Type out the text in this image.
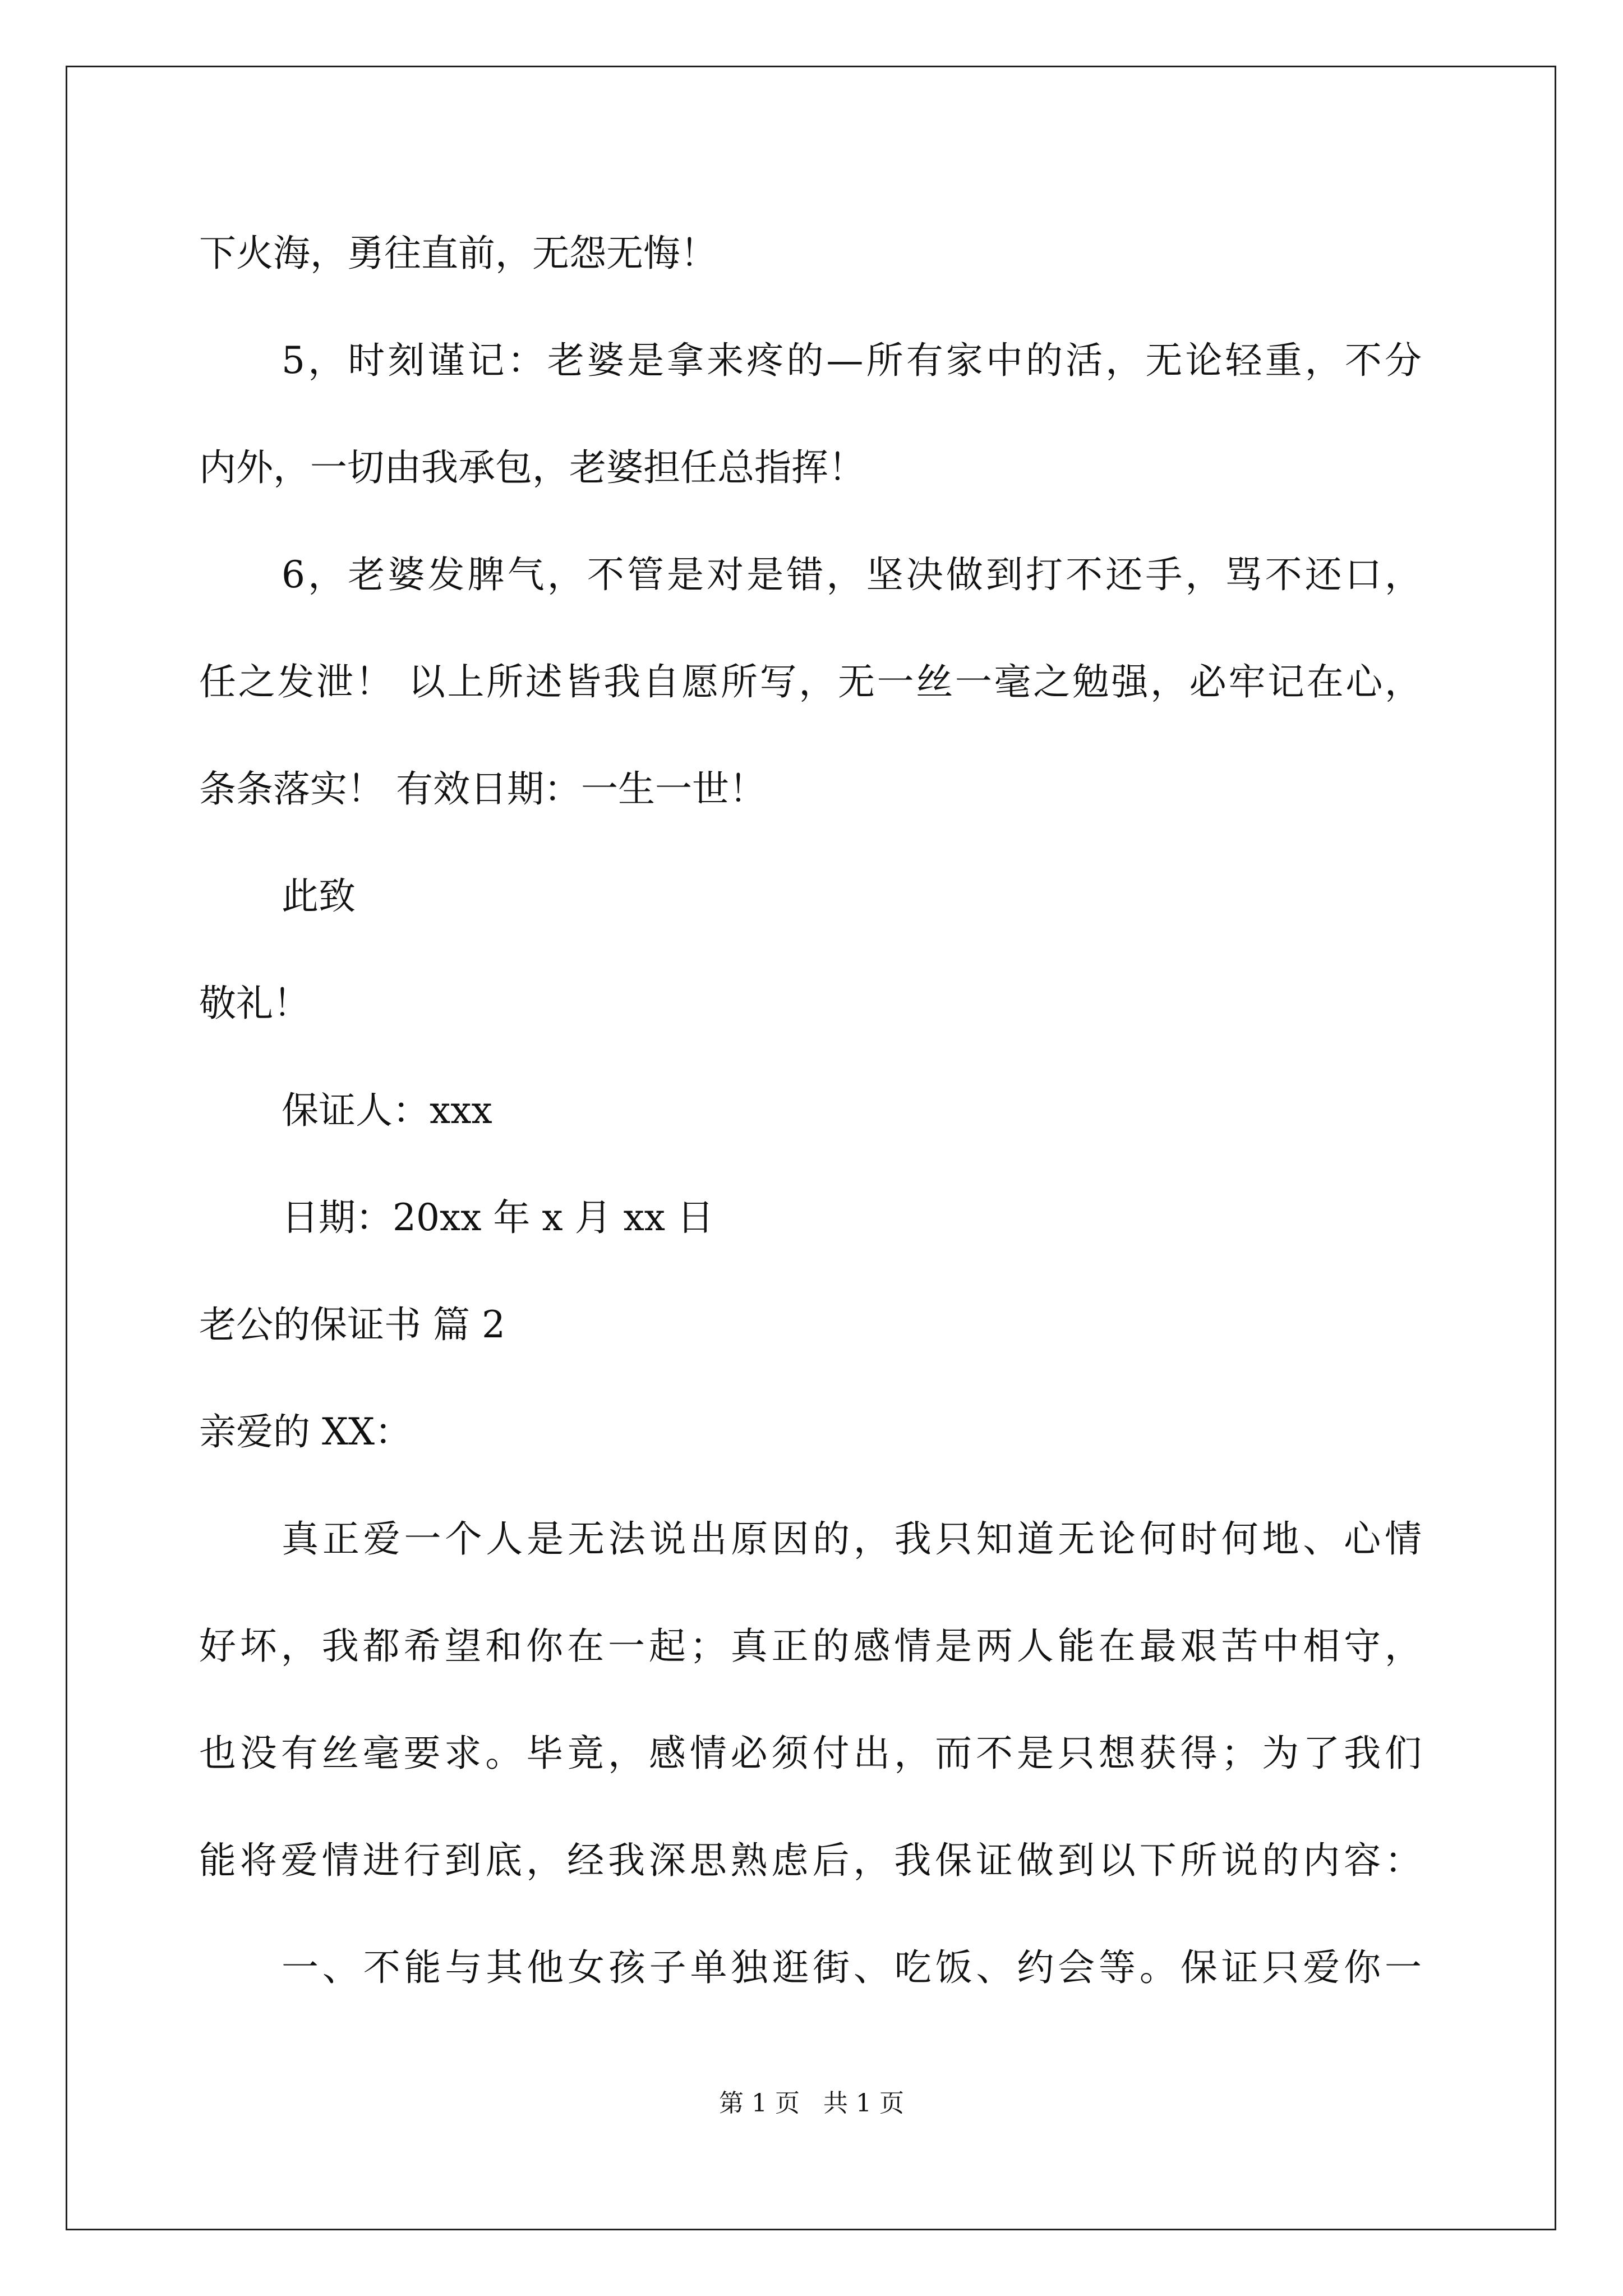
下火海，勇往直前，无怨无悔！
5，时刻谨记：老婆是拿来疼的—所有家中的活，无论轻重，不分
内外，一切由我承包，老婆担任总指挥！
6，老婆发脾气，不管是对是错，坚决做到打不还手，骂不还口，
任之发泄！ 以上所述皆我自愿所写，无一丝一毫之勉强，必牢记在心，
条条落实！ 有效日期：一生一世！
此致
敬礼！
保证人：xxx
日期：20xx 年 x 月 xx 日
老公的保证书 篇 2
亲爱的 XX：
真正爱一个人是无法说出原因的，我只知道无论何时何地、心情
好坏，我都希望和你在一起；真正的感情是两人能在最艰苦中相守，
也没有丝毫要求。毕竟，感情必须付出，而不是只想获得；为了我们
能将爱情进行到底，经我深思熟虑后，我保证做到以下所说的内容：
一、不能与其他女孩子单独逛街、吃饭、约会等。保证只爱你一
第 1 页   共 1 页
